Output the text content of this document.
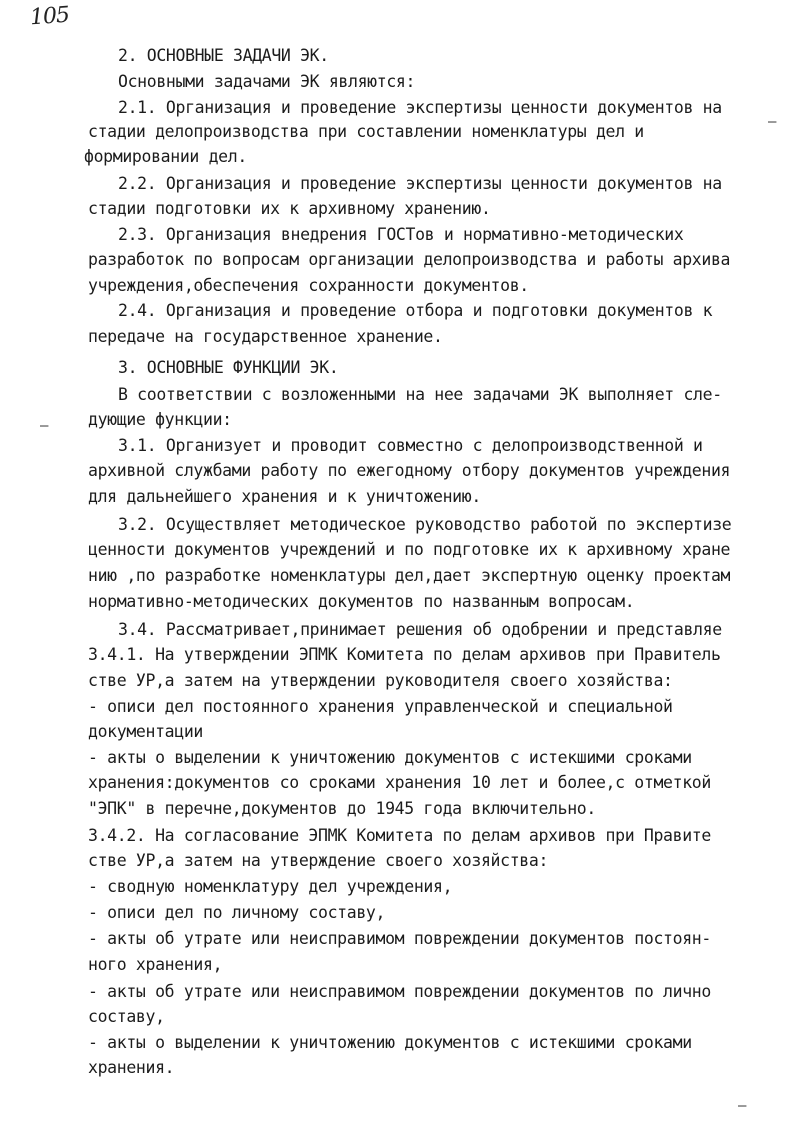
105
2. ОСНОВНЫЕ ЗАДАЧИ ЭК.
Основными задачами ЭК являются:
2.1. Организация и проведение экспертизы ценности документов на
стадии делопроизводства при составлении номенклатуры дел и
формировании дел.
2.2. Организация и проведение экспертизы ценности документов на
стадии подготовки их к архивному хранению.
2.3. Организация внедрения ГОСТов и нормативно-методических
разработок по вопросам организации делопроизводства и работы архива
учреждения,обеспечения сохранности документов.
2.4. Организация и проведение отбора и подготовки документов к
передаче на государственное хранение.
3. ОСНОВНЫЕ ФУНКЦИИ ЭК.
В соответствии с возложенными на нее задачами ЭК выполняет сле-
дующие функции:
3.1. Организует и проводит совместно с делопроизводственной и
архивной службами работу по ежегодному отбору документов учреждения
для дальнейшего хранения и к уничтожению.
3.2. Осуществляет методическое руководство работой по экспертизе
ценности документов учреждений и по подготовке их к архивному хране
нию ,по разработке номенклатуры дел,дает экспертную оценку проектам
нормативно-методических документов по названным вопросам.
3.4. Рассматривает,принимает решения об одобрении и представляе
3.4.1. На утверждении ЭПМК Комитета по делам архивов при Правитель
стве УР,а затем на утверждении руководителя своего хозяйства:
- описи дел постоянного хранения управленческой и специальной
документации
- акты о выделении к уничтожению документов с истекшими сроками
хранения:документов со сроками хранения 10 лет и более,с отметкой
"ЭПК" в перечне,документов до 1945 года включительно.
3.4.2. На согласование ЭПМК Комитета по делам архивов при Правите
стве УР,а затем на утверждение своего хозяйства:
- сводную номенклатуру дел учреждения,
- описи дел по личному составу,
- акты об утрате или неисправимом повреждении документов постоян-
ного хранения,
- акты об утрате или неисправимом повреждении документов по лично
составу,
- акты о выделении к уничтожению документов с истекшими сроками
хранения.
–
–
–
